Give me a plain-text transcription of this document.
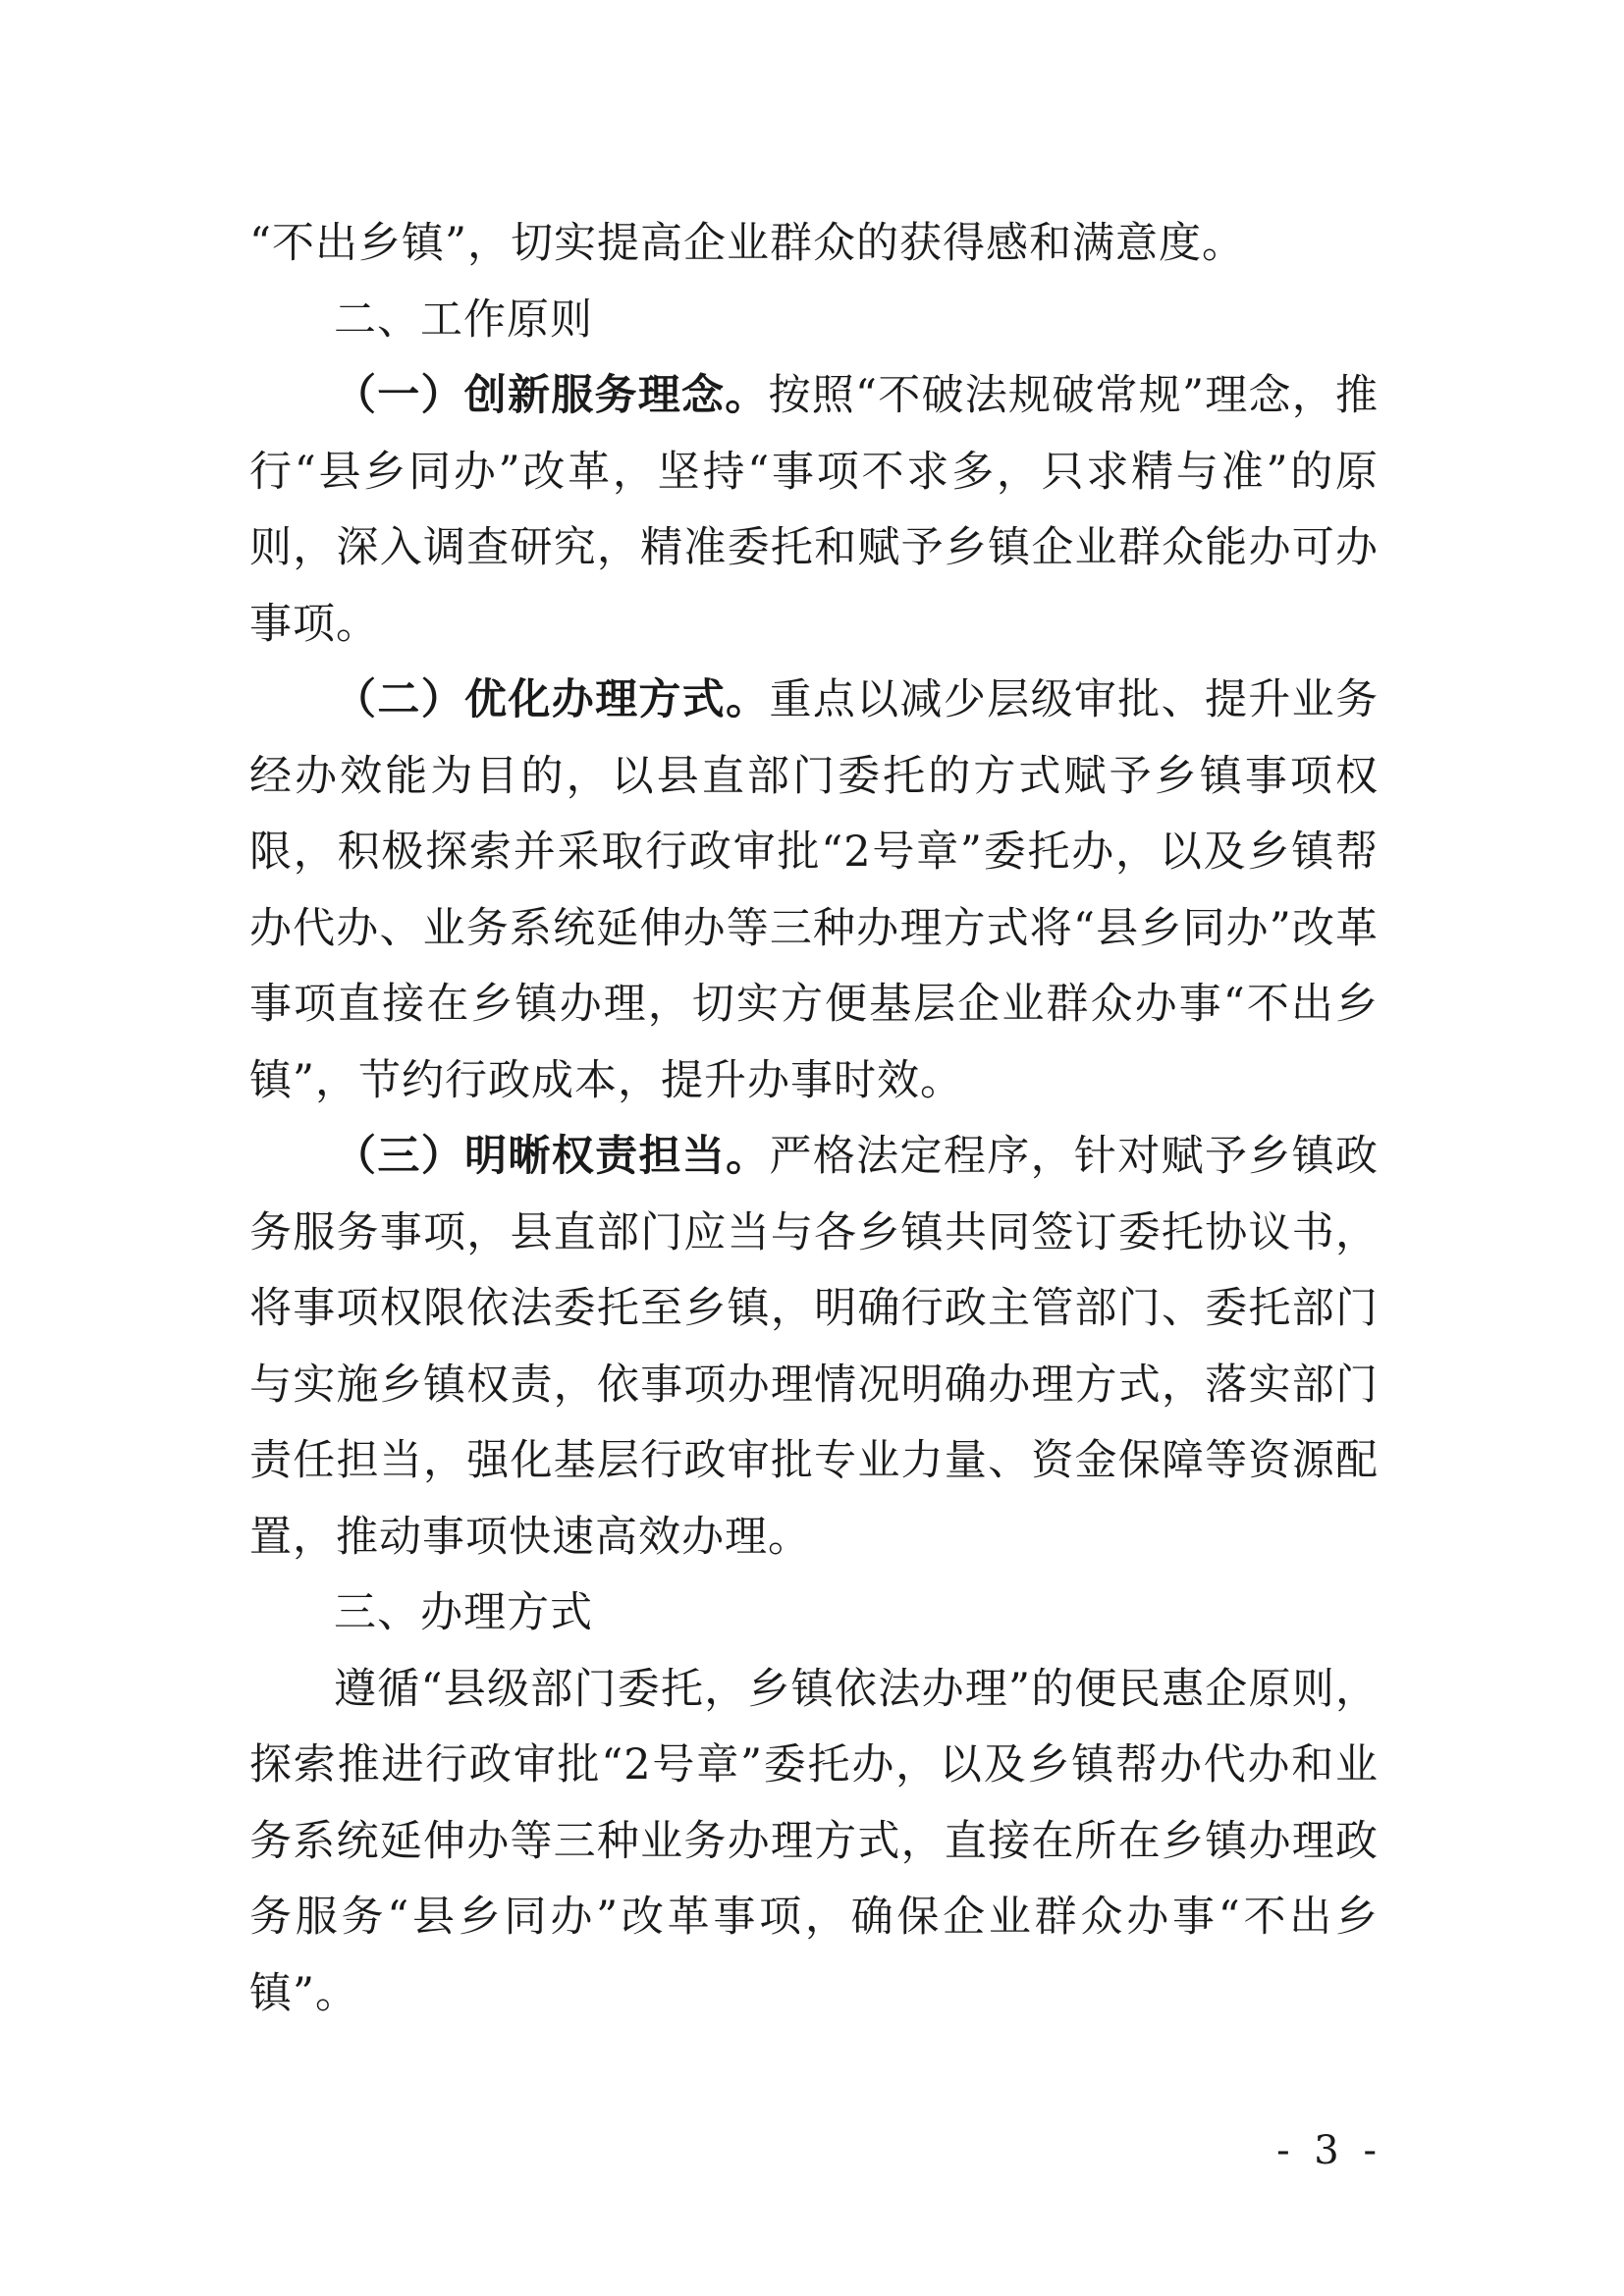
“不出乡镇”，切实提高企业群众的获得感和满意度。

二、工作原则

（一）创新服务理念。按照“不破法规破常规”理念，推行“县乡同办”改革，坚持“事项不求多，只求精与准”的原则，深入调查研究，精准委托和赋予乡镇企业群众能办可办事项。

（二）优化办理方式。重点以减少层级审批、提升业务经办效能为目的，以县直部门委托的方式赋予乡镇事项权限，积极探索并采取行政审批“2号章”委托办，以及乡镇帮办代办、业务系统延伸办等三种办理方式将“县乡同办”改革事项直接在乡镇办理，切实方便基层企业群众办事“不出乡镇”，节约行政成本，提升办事时效。

（三）明晰权责担当。严格法定程序，针对赋予乡镇政务服务事项，县直部门应当与各乡镇共同签订委托协议书，将事项权限依法委托至乡镇，明确行政主管部门、委托部门与实施乡镇权责，依事项办理情况明确办理方式，落实部门责任担当，强化基层行政审批专业力量、资金保障等资源配置，推动事项快速高效办理。

三、办理方式

遵循“县级部门委托，乡镇依法办理”的便民惠企原则，探索推进行政审批“2号章”委托办，以及乡镇帮办代办和业务系统延伸办等三种业务办理方式，直接在所在乡镇办理政务服务“县乡同办”改革事项，确保企业群众办事“不出乡镇”。

- 3 -
